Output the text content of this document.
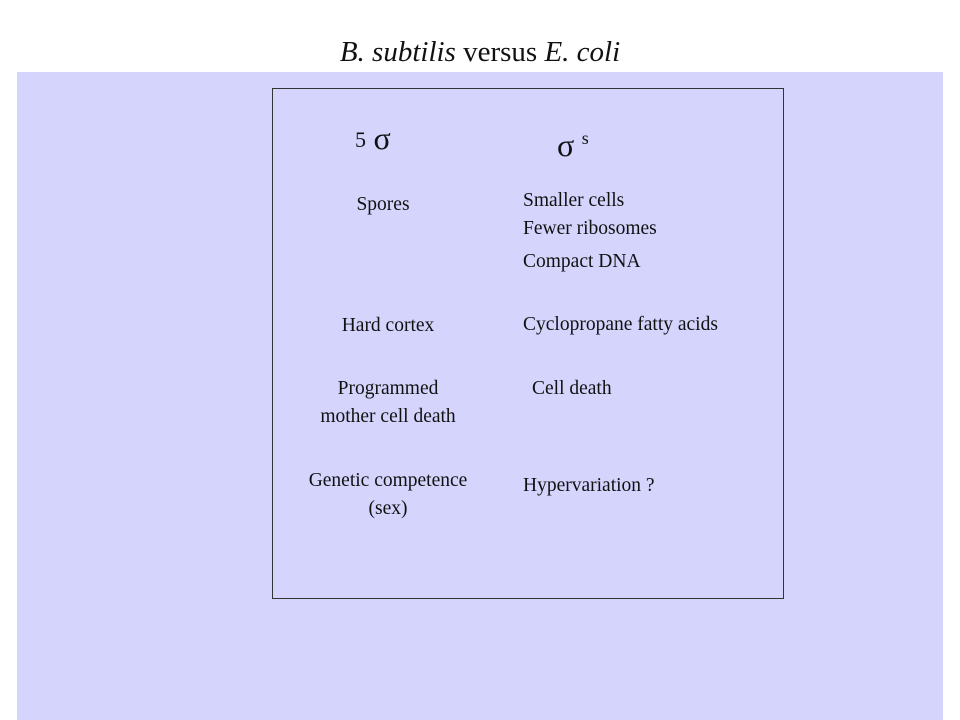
B. subtilis versus E. coli
5 σ	σ $^s$
Spores
Hard cortex
Programmed
mother cell death
Genetic competence
(sex)
Smaller cells
Fewer ribosomes
Compact DNA
Cyclopropane fatty acids
Cell death
Hypervariation ?
